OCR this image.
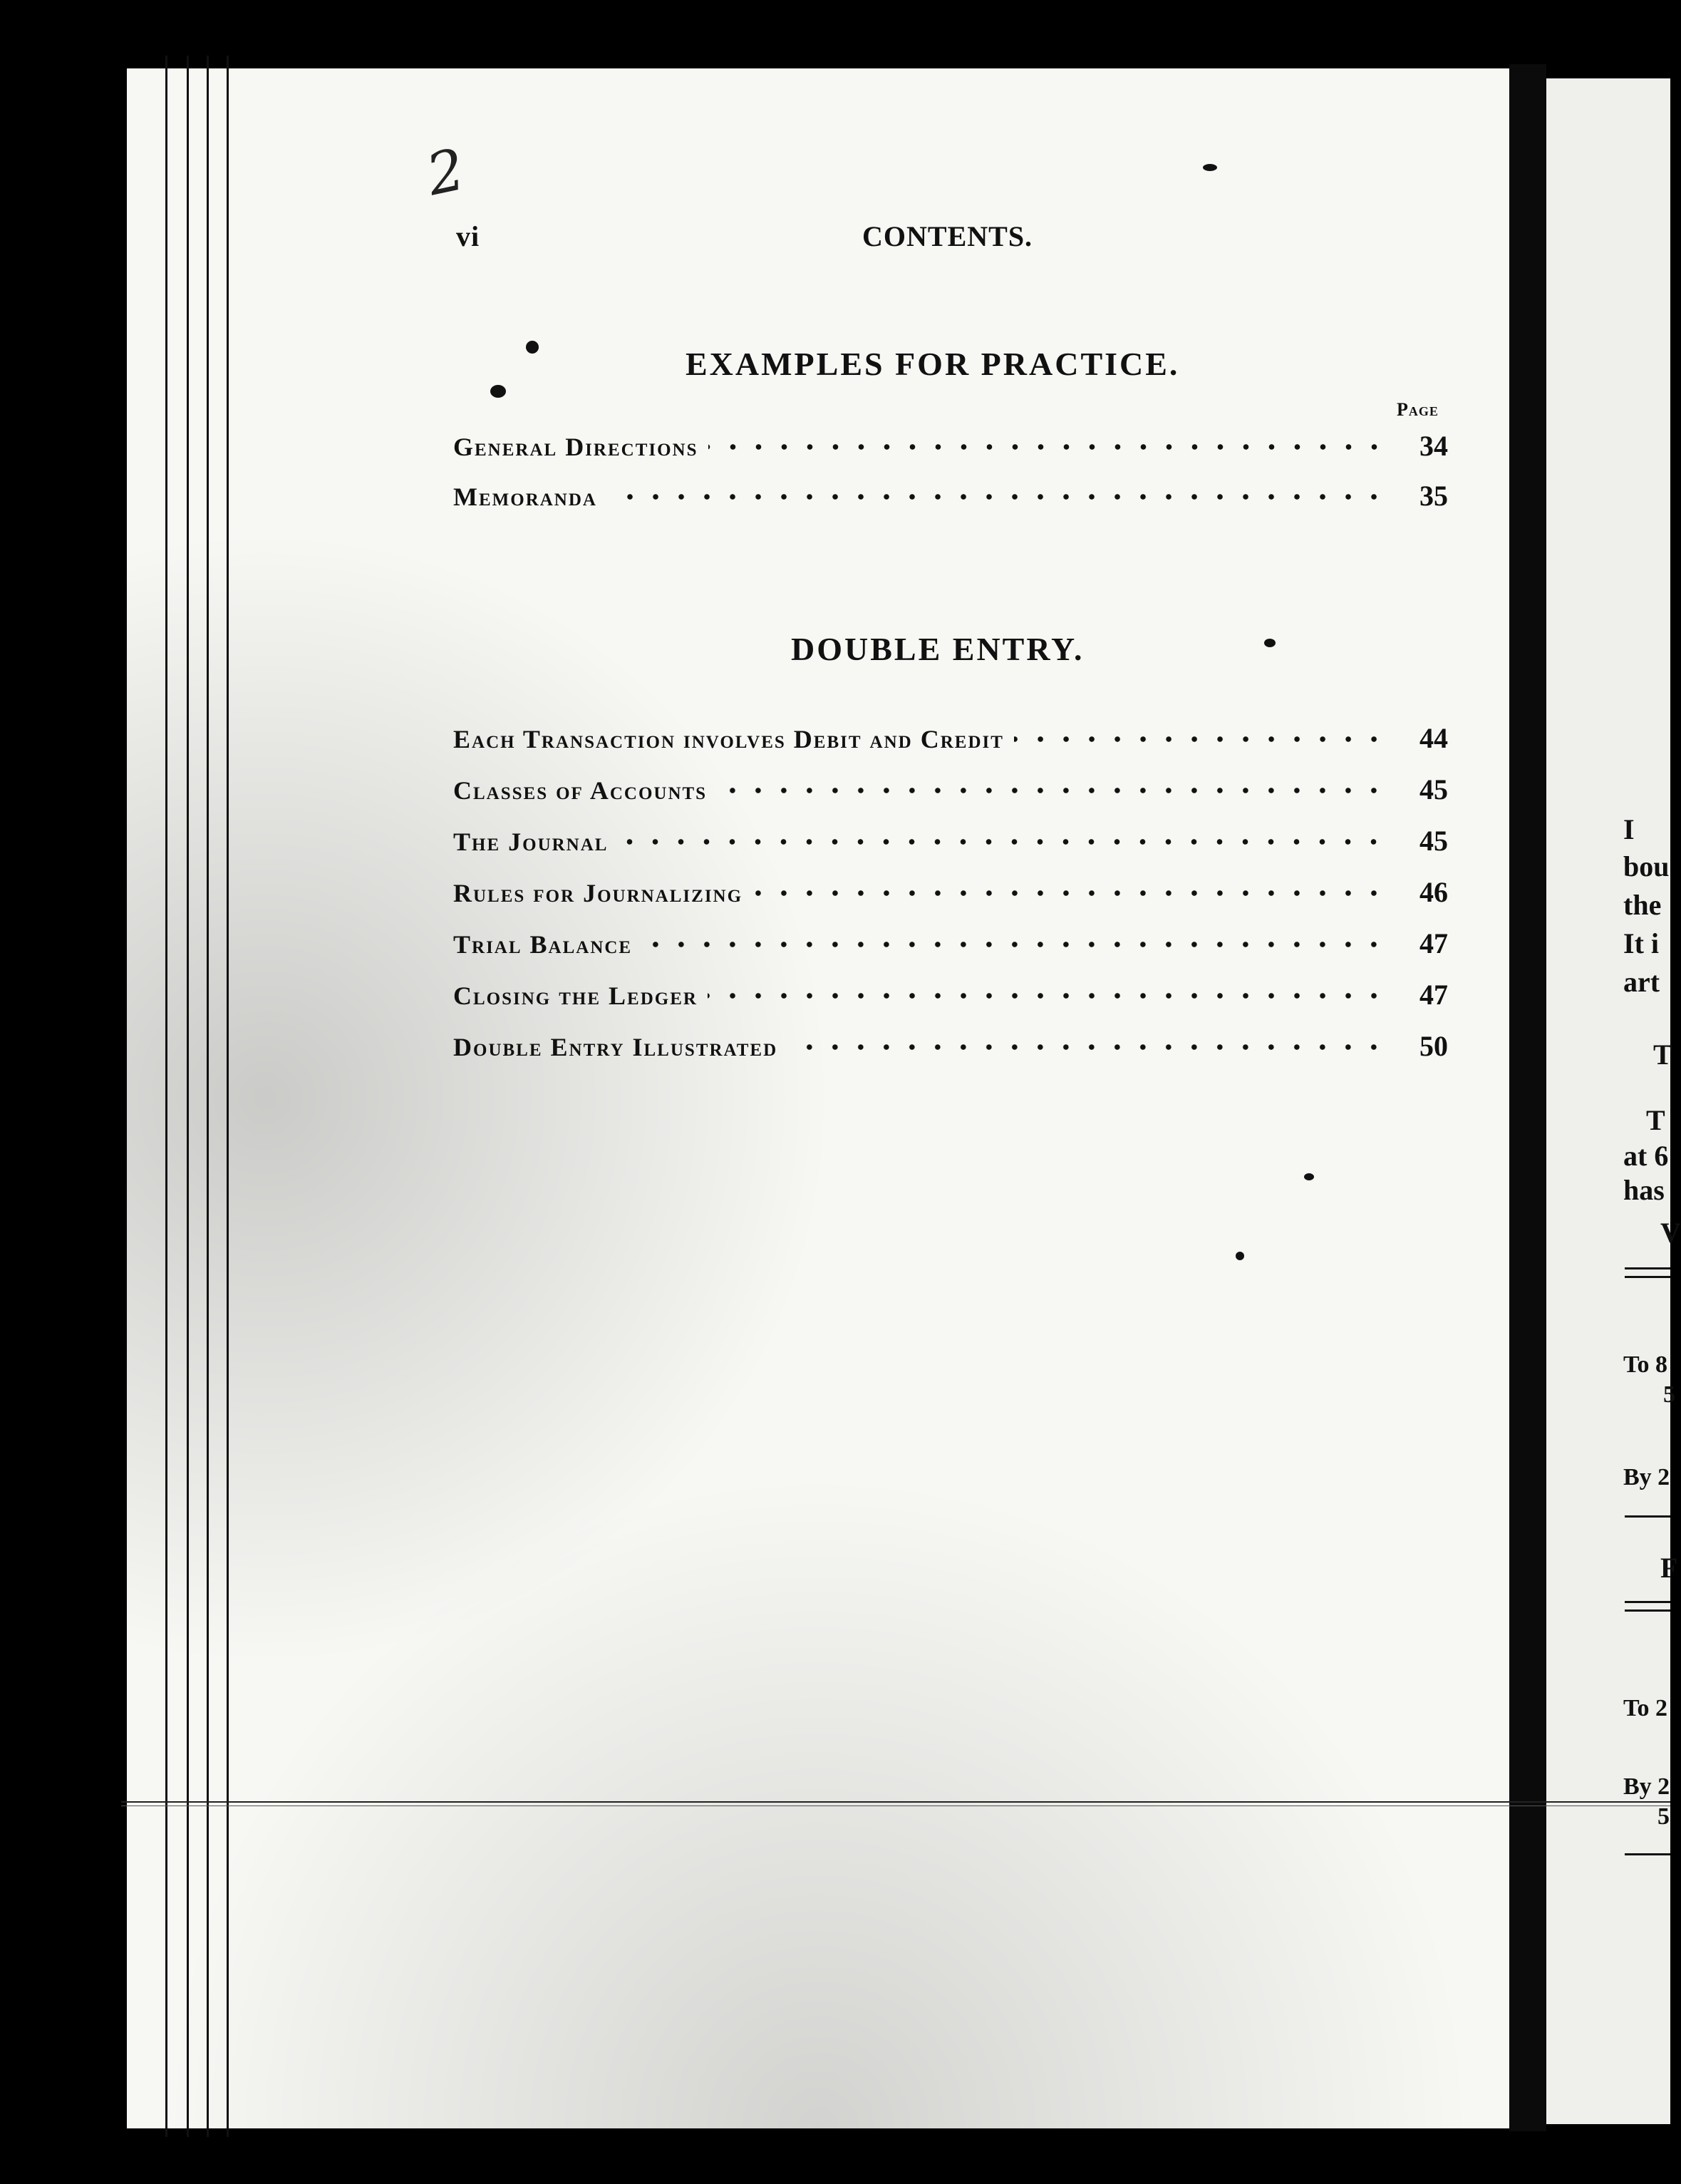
2
vi	CONTENTS.
EXAMPLES FOR PRACTICE.
Page
General Directions	34
Memoranda	35
DOUBLE ENTRY.
Each Transaction involves Debit and Credit	44
Classes of Accounts	45
The Journal	45
Rules for Journalizing	46
Trial Balance	47
Closing the Ledger	47
Double Entry Illustrated	50
I
bou
the
It i
art
T
T
at 6
has
V
To 8
5
By 2
F
To 2
By 2
5
